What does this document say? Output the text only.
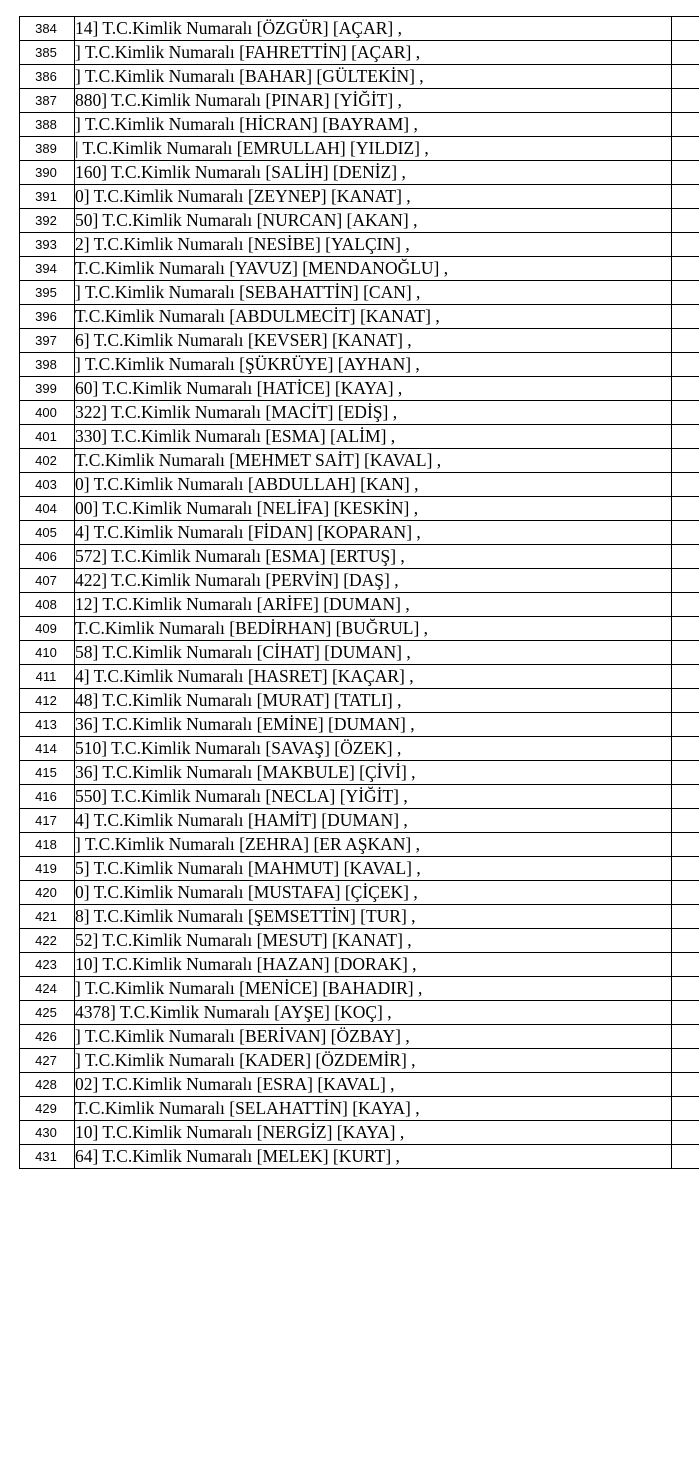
384	14] T.C.Kimlik Numaralı [ÖZGÜR] [AÇAR] ,
385	] T.C.Kimlik Numaralı [FAHRETTİN] [AÇAR] ,
386	] T.C.Kimlik Numaralı [BAHAR] [GÜLTEKİN] ,
387	880] T.C.Kimlik Numaralı [PINAR] [YİĞİT] ,
388	] T.C.Kimlik Numaralı [HİCRAN] [BAYRAM] ,
389	| T.C.Kimlik Numaralı [EMRULLAH] [YILDIZ] ,
390	160] T.C.Kimlik Numaralı [SALİH] [DENİZ] ,
391	0] T.C.Kimlik Numaralı [ZEYNEP] [KANAT] ,
392	50] T.C.Kimlik Numaralı [NURCAN] [AKAN] ,
393	2] T.C.Kimlik Numaralı [NESİBE] [YALÇIN] ,
394	T.C.Kimlik Numaralı [YAVUZ] [MENDANOĞLU] ,
395	] T.C.Kimlik Numaralı [SEBAHATTİN] [CAN] ,
396	T.C.Kimlik Numaralı [ABDULMECİT] [KANAT] ,
397	6] T.C.Kimlik Numaralı [KEVSER] [KANAT] ,
398	] T.C.Kimlik Numaralı [ŞÜKRÜYE] [AYHAN] ,
399	60] T.C.Kimlik Numaralı [HATİCE] [KAYA] ,
400	322] T.C.Kimlik Numaralı [MACİT] [EDİŞ] ,
401	330] T.C.Kimlik Numaralı [ESMA] [ALİM] ,
402	T.C.Kimlik Numaralı [MEHMET SAİT] [KAVAL] ,
403	0] T.C.Kimlik Numaralı [ABDULLAH] [KAN] ,
404	00] T.C.Kimlik Numaralı [NELİFA] [KESKİN] ,
405	4] T.C.Kimlik Numaralı [FİDAN] [KOPARAN] ,
406	572] T.C.Kimlik Numaralı [ESMA] [ERTUŞ] ,
407	422] T.C.Kimlik Numaralı [PERVİN] [DAŞ] ,
408	12] T.C.Kimlik Numaralı [ARİFE] [DUMAN] ,
409	T.C.Kimlik Numaralı [BEDİRHAN] [BUĞRUL] ,
410	58] T.C.Kimlik Numaralı [CİHAT] [DUMAN] ,
411	4] T.C.Kimlik Numaralı [HASRET] [KAÇAR] ,
412	48] T.C.Kimlik Numaralı [MURAT] [TATLI] ,
413	36] T.C.Kimlik Numaralı [EMİNE] [DUMAN] ,
414	510] T.C.Kimlik Numaralı [SAVAŞ] [ÖZEK] ,
415	36] T.C.Kimlik Numaralı [MAKBULE] [ÇİVİ] ,
416	550] T.C.Kimlik Numaralı [NECLA] [YİĞİT] ,
417	4] T.C.Kimlik Numaralı [HAMİT] [DUMAN] ,
418	] T.C.Kimlik Numaralı [ZEHRA] [ER AŞKAN] ,
419	5] T.C.Kimlik Numaralı [MAHMUT] [KAVAL] ,
420	0] T.C.Kimlik Numaralı [MUSTAFA] [ÇİÇEK] ,
421	8] T.C.Kimlik Numaralı [ŞEMSETTİN] [TUR] ,
422	52] T.C.Kimlik Numaralı [MESUT] [KANAT] ,
423	10] T.C.Kimlik Numaralı [HAZAN] [DORAK] ,
424	] T.C.Kimlik Numaralı [MENİCE] [BAHADIR] ,
425	4378] T.C.Kimlik Numaralı [AYŞE] [KOÇ] ,
426	] T.C.Kimlik Numaralı [BERİVAN] [ÖZBAY] ,
427	] T.C.Kimlik Numaralı [KADER] [ÖZDEMİR] ,
428	02] T.C.Kimlik Numaralı [ESRA] [KAVAL] ,
429	T.C.Kimlik Numaralı [SELAHATTİN] [KAYA] ,
430	10] T.C.Kimlik Numaralı [NERGİZ] [KAYA] ,
431	64] T.C.Kimlik Numaralı [MELEK] [KURT] ,
